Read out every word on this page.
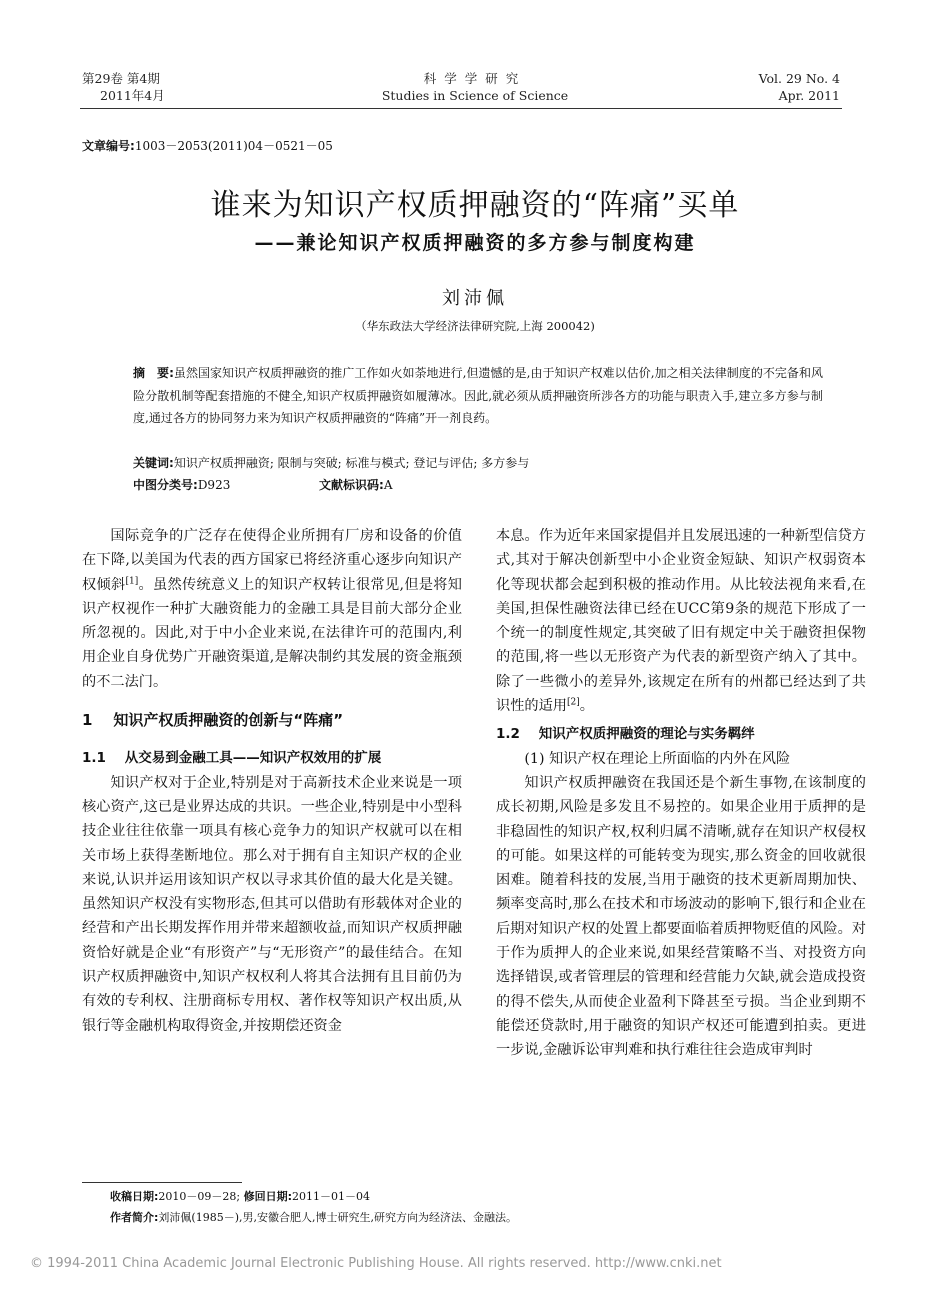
第29卷 第4期
2011年4月
科学学研究
Studies in Science of Science
Vol. 29 No. 4
Apr. 2011
文章编号:1003－2053(2011)04－0521－05
谁来为知识产权质押融资的“阵痛”买单
——兼论知识产权质押融资的多方参与制度构建
刘沛佩
（华东政法大学经济法律研究院,上海 200042)
摘　要:虽然国家知识产权质押融资的推广工作如火如荼地进行,但遗憾的是,由于知识产权难以估价,加之相关法律制度的不完备和风险分散机制等配套措施的不健全,知识产权质押融资如履薄冰。因此,就必须从质押融资所涉各方的功能与职责入手,建立多方参与制度,通过各方的协同努力来为知识产权质押融资的“阵痛”开一剂良药。
关键词:知识产权质押融资; 限制与突破; 标准与模式; 登记与评估; 多方参与
中图分类号:D923	文献标识码:A

国际竞争的广泛存在使得企业所拥有厂房和设备的价值在下降,以美国为代表的西方国家已将经济重心逐步向知识产权倾斜[1]。虽然传统意义上的知识产权转让很常见,但是将知识产权视作一种扩大融资能力的金融工具是目前大部分企业所忽视的。因此,对于中小企业来说,在法律许可的范围内,利用企业自身优势广开融资渠道,是解决制约其发展的资金瓶颈的不二法门。

1 知识产权质押融资的创新与“阵痛”
1.1 从交易到金融工具——知识产权效用的扩展

知识产权对于企业,特别是对于高新技术企业来说是一项核心资产,这已是业界达成的共识。一些企业,特别是中小型科技企业往往依靠一项具有核心竞争力的知识产权就可以在相关市场上获得垄断地位。那么对于拥有自主知识产权的企业来说,认识并运用该知识产权以寻求其价值的最大化是关键。虽然知识产权没有实物形态,但其可以借助有形载体对企业的经营和产出长期发挥作用并带来超额收益,而知识产权质押融资恰好就是企业“有形资产”与“无形资产”的最佳结合。在知识产权质押融资中,知识产权权利人将其合法拥有且目前仍为有效的专利权、注册商标专用权、著作权等知识产权出质,从银行等金融机构取得资金,并按期偿还资金

本息。作为近年来国家提倡并且发展迅速的一种新型信贷方式,其对于解决创新型中小企业资金短缺、知识产权弱资本化等现状都会起到积极的推动作用。从比较法视角来看,在美国,担保性融资法律已经在UCC第9条的规范下形成了一个统一的制度性规定,其突破了旧有规定中关于融资担保物的范围,将一些以无形资产为代表的新型资产纳入了其中。除了一些微小的差异外,该规定在所有的州都已经达到了共识性的适用[2]。

1.2 知识产权质押融资的理论与实务羁绊

(1) 知识产权在理论上所面临的内外在风险

知识产权质押融资在我国还是个新生事物,在该制度的成长初期,风险是多发且不易控的。如果企业用于质押的是非稳固性的知识产权,权利归属不清晰,就存在知识产权侵权的可能。如果这样的可能转变为现实,那么资金的回收就很困难。随着科技的发展,当用于融资的技术更新周期加快、频率变高时,那么在技术和市场波动的影响下,银行和企业在后期对知识产权的处置上都要面临着质押物贬值的风险。对于作为质押人的企业来说,如果经营策略不当、对投资方向选择错误,或者管理层的管理和经营能力欠缺,就会造成投资的得不偿失,从而使企业盈利下降甚至亏损。当企业到期不能偿还贷款时,用于融资的知识产权还可能遭到拍卖。更进一步说,金融诉讼审判难和执行难往往会造成审判时

收稿日期:2010－09－28; 修回日期:2011－01－04
作者简介:刘沛佩(1985－),男,安徽合肥人,博士研究生,研究方向为经济法、金融法。
© 1994-2011 China Academic Journal Electronic Publishing House. All rights reserved. http://www.cnki.net
